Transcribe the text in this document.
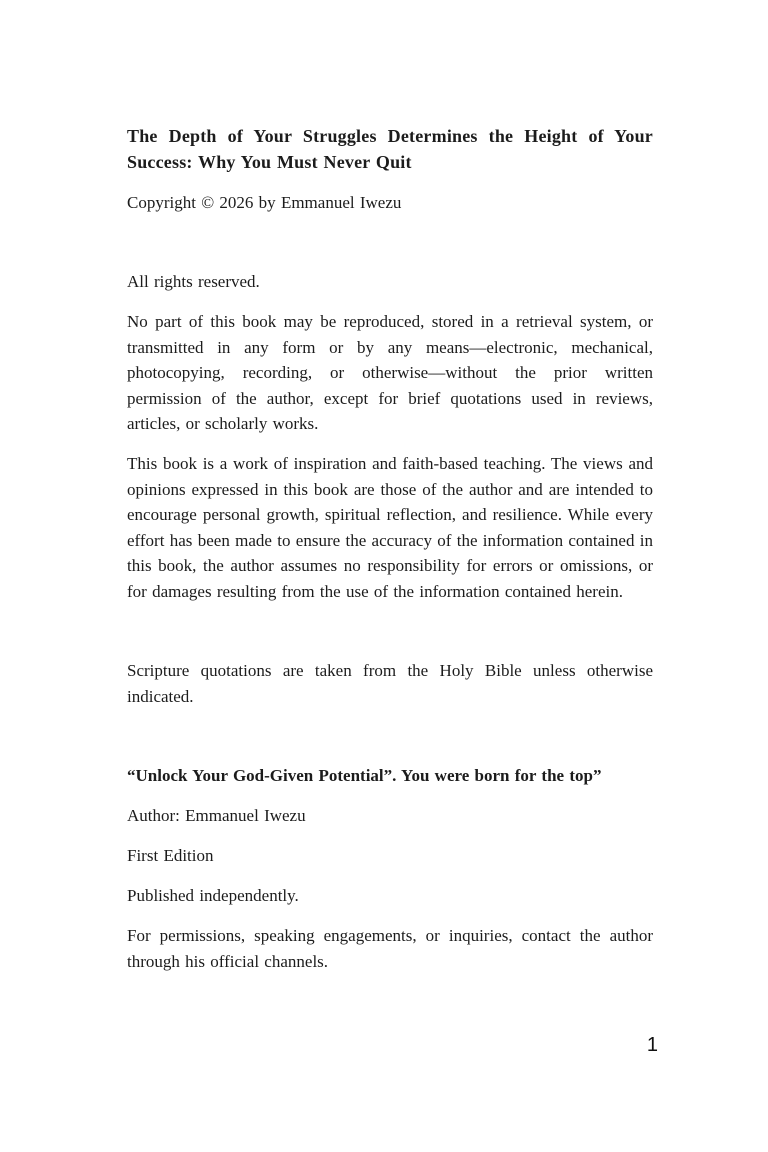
The Depth of Your Struggles Determines the Height of Your Success: Why You Must Never Quit

Copyright © 2026 by Emmanuel Iwezu

All rights reserved.

No part of this book may be reproduced, stored in a retrieval system, or transmitted in any form or by any means—electronic, mechanical, photocopying, recording, or otherwise—without the prior written permission of the author, except for brief quotations used in reviews, articles, or scholarly works.

This book is a work of inspiration and faith-based teaching. The views and opinions expressed in this book are those of the author and are intended to encourage personal growth, spiritual reflection, and resilience. While every effort has been made to ensure the accuracy of the information contained in this book, the author assumes no responsibility for errors or omissions, or for damages resulting from the use of the information contained herein.

Scripture quotations are taken from the Holy Bible unless otherwise indicated.

“Unlock Your God-Given Potential”. You were born for the top”

Author: Emmanuel Iwezu

First Edition

Published independently.

For permissions, speaking engagements, or inquiries, contact the author through his official channels.

1
